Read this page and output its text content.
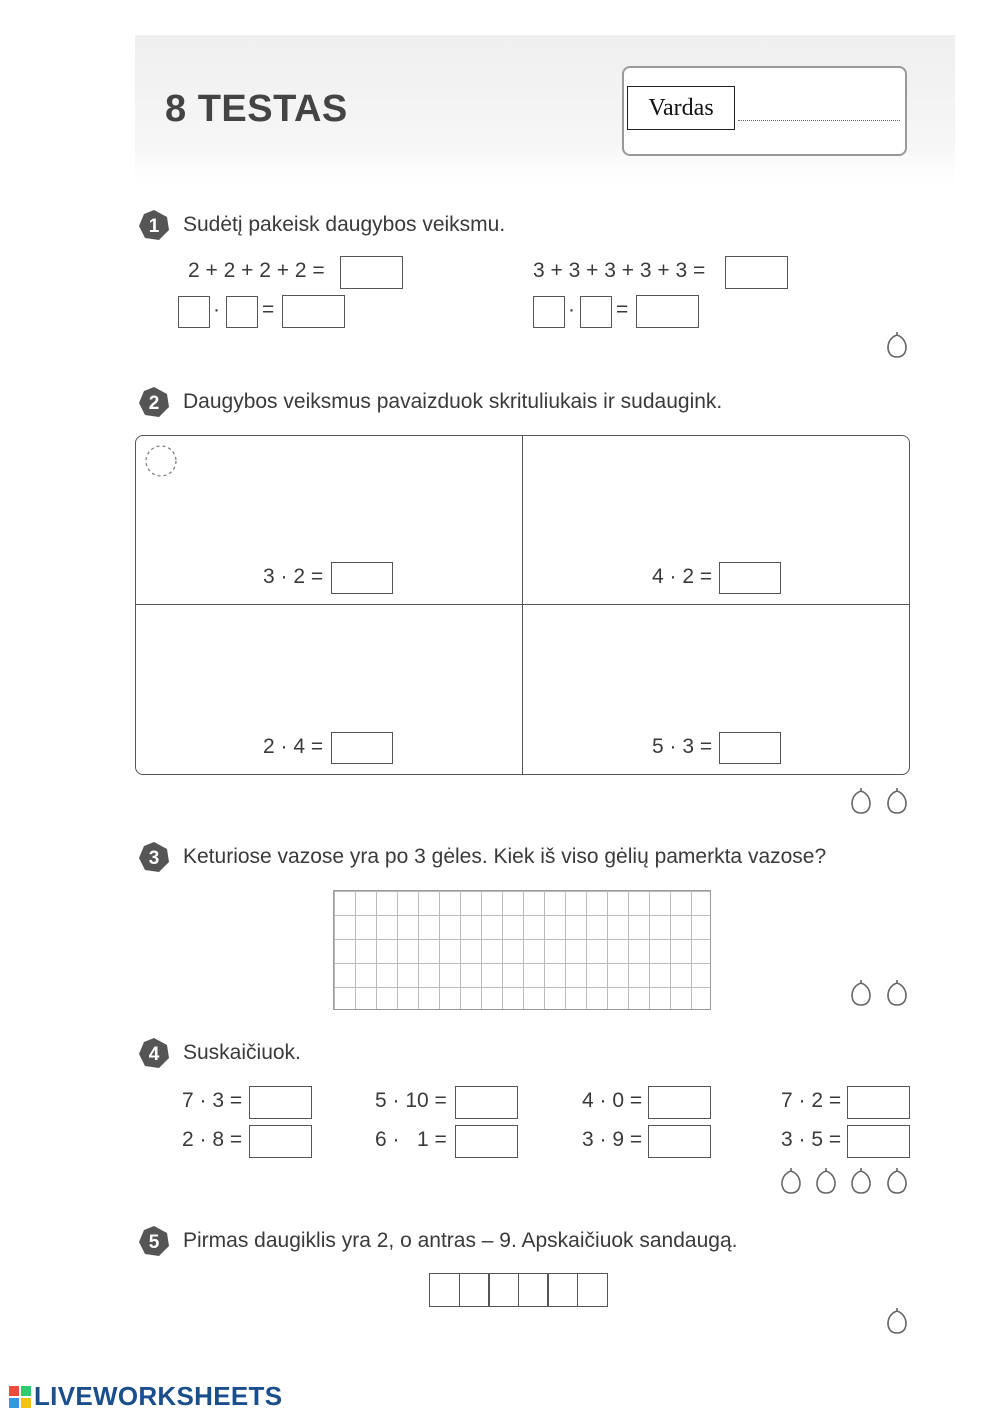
8 TESTAS	Vardas
1 Sudėtį pakeisk daugybos veiksmu.
2 + 2 + 2 + 2 =
· =
3 + 3 + 3 + 3 + 3 =
· =
2 Daugybos veiksmus pavaizduok skrituliukais ir sudaugink.
3 · 2 =	4 · 2 =
2 · 4 =	5 · 3 =
3 Keturiose vazose yra po 3 gėles. Kiek iš viso gėlių pamerkta vazose?
4 Suskaičiuok.
7 · 3 =	5 · 10 =	4 · 0 =	7 · 2 =
2 · 8 =	6 ·   1 =	3 · 9 =	3 · 5 =
5 Pirmas daugiklis yra 2, o antras – 9. Apskaičiuok sandaugą.
LIVEWORKSHEETS
